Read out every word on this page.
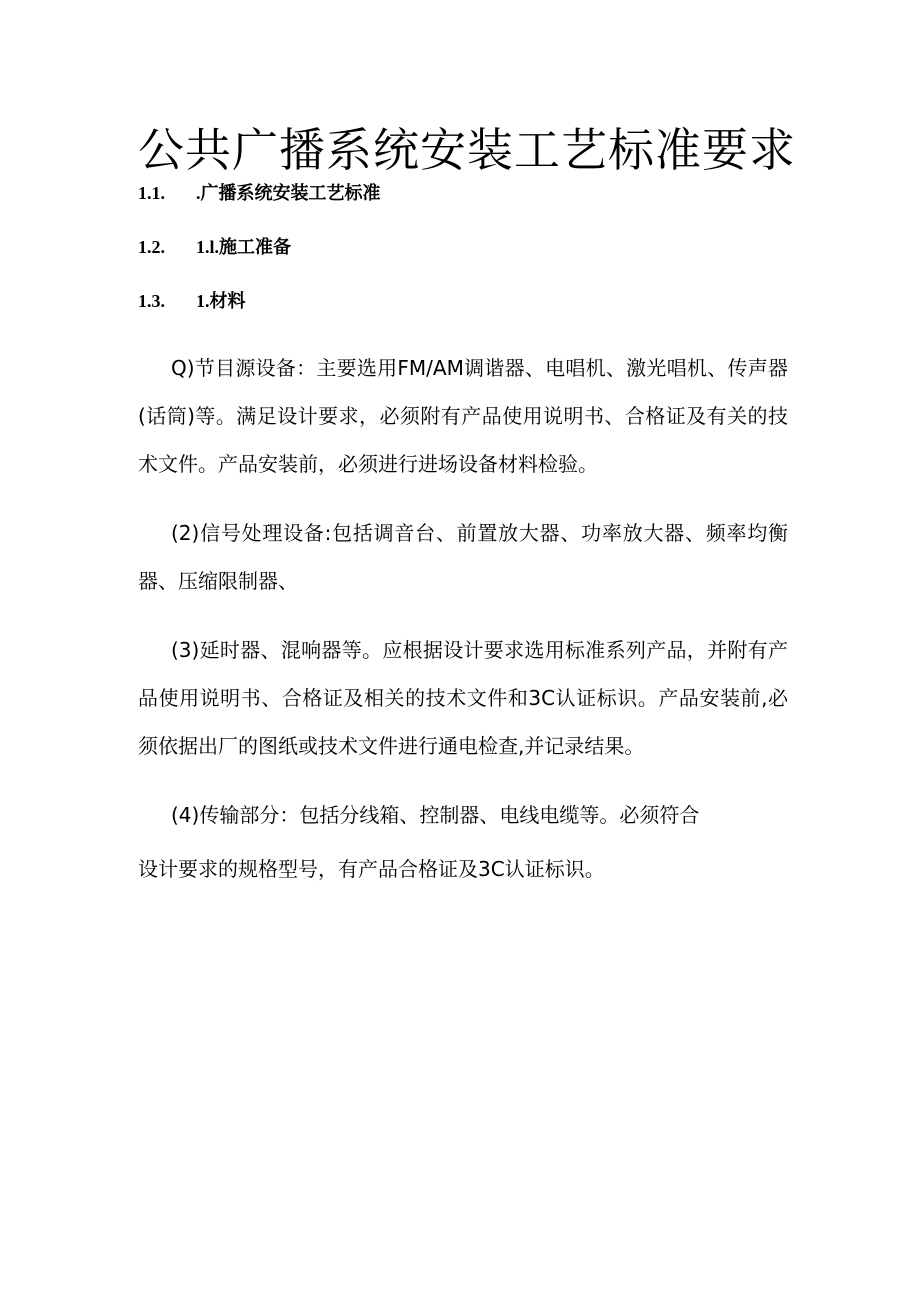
公共广播系统安装工艺标准要求
1.1. .广播系统安装工艺标准
1.2. 1.l.施工准备
1.3. 1.材料

Q)节目源设备：主要选用FM/AM调谐器、电唱机、激光唱机、传声器(话筒)等。满足设计要求，必须附有产品使用说明书、合格证及有关的技术文件。产品安装前，必须进行进场设备材料检验。

(2)信号处理设备:包括调音台、前置放大器、功率放大器、频率均衡器、压缩限制器、

(3)延时器、混响器等。应根据设计要求选用标准系列产品，并附有产品使用说明书、合格证及相关的技术文件和3C认证标识。产品安装前,必须依据出厂的图纸或技术文件进行通电检查,并记录结果。

(4)传输部分：包括分线箱、控制器、电线电缆等。必须符合

设计要求的规格型号，有产品合格证及3C认证标识。
